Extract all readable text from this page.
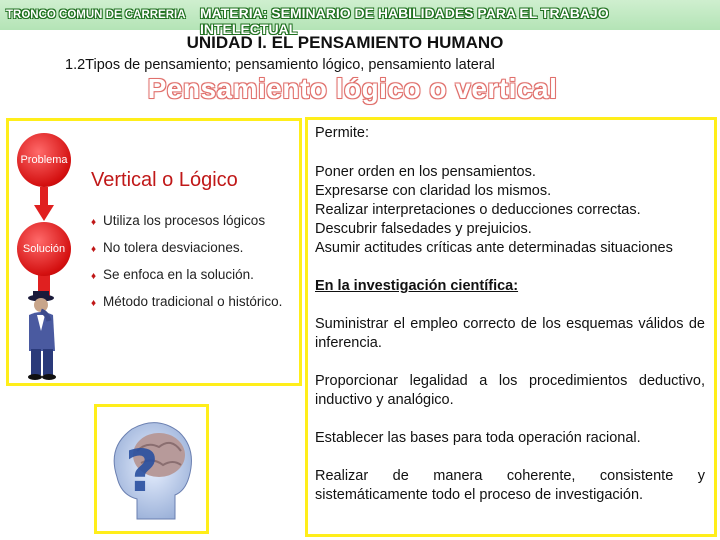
TRONCO COMUN DE CARRERIA MATERIA: SEMINARIO DE HABILIDADES PARA EL TRABAJO
INTELECTUAL
UNIDAD I. EL PENSAMIENTO HUMANO
1.2Tipos de pensamiento; pensamiento lógico, pensamiento lateral
Pensamiento lógico o vertical
Problema
Solución
Vertical o Lógico
♦ Utiliza los procesos lógicos
♦ No tolera desviaciones.
♦ Se enfoca en la solución.
♦ Método tradicional o histórico.
?

Permite:

Poner orden en los pensamientos.

Expresarse con claridad los mismos.

Realizar interpretaciones o deducciones correctas.

Descubrir falsedades y prejuicios.

Asumir actitudes críticas ante determinadas situaciones

En la investigación científica:

Suministrar el empleo correcto de los esquemas válidos de inferencia.

Proporcionar legalidad a los procedimientos deductivo, inductivo y analógico.

Establecer las bases para toda operación racional.

Realizar de manera coherente, consistente y sistemáticamente todo el proceso de investigación.
